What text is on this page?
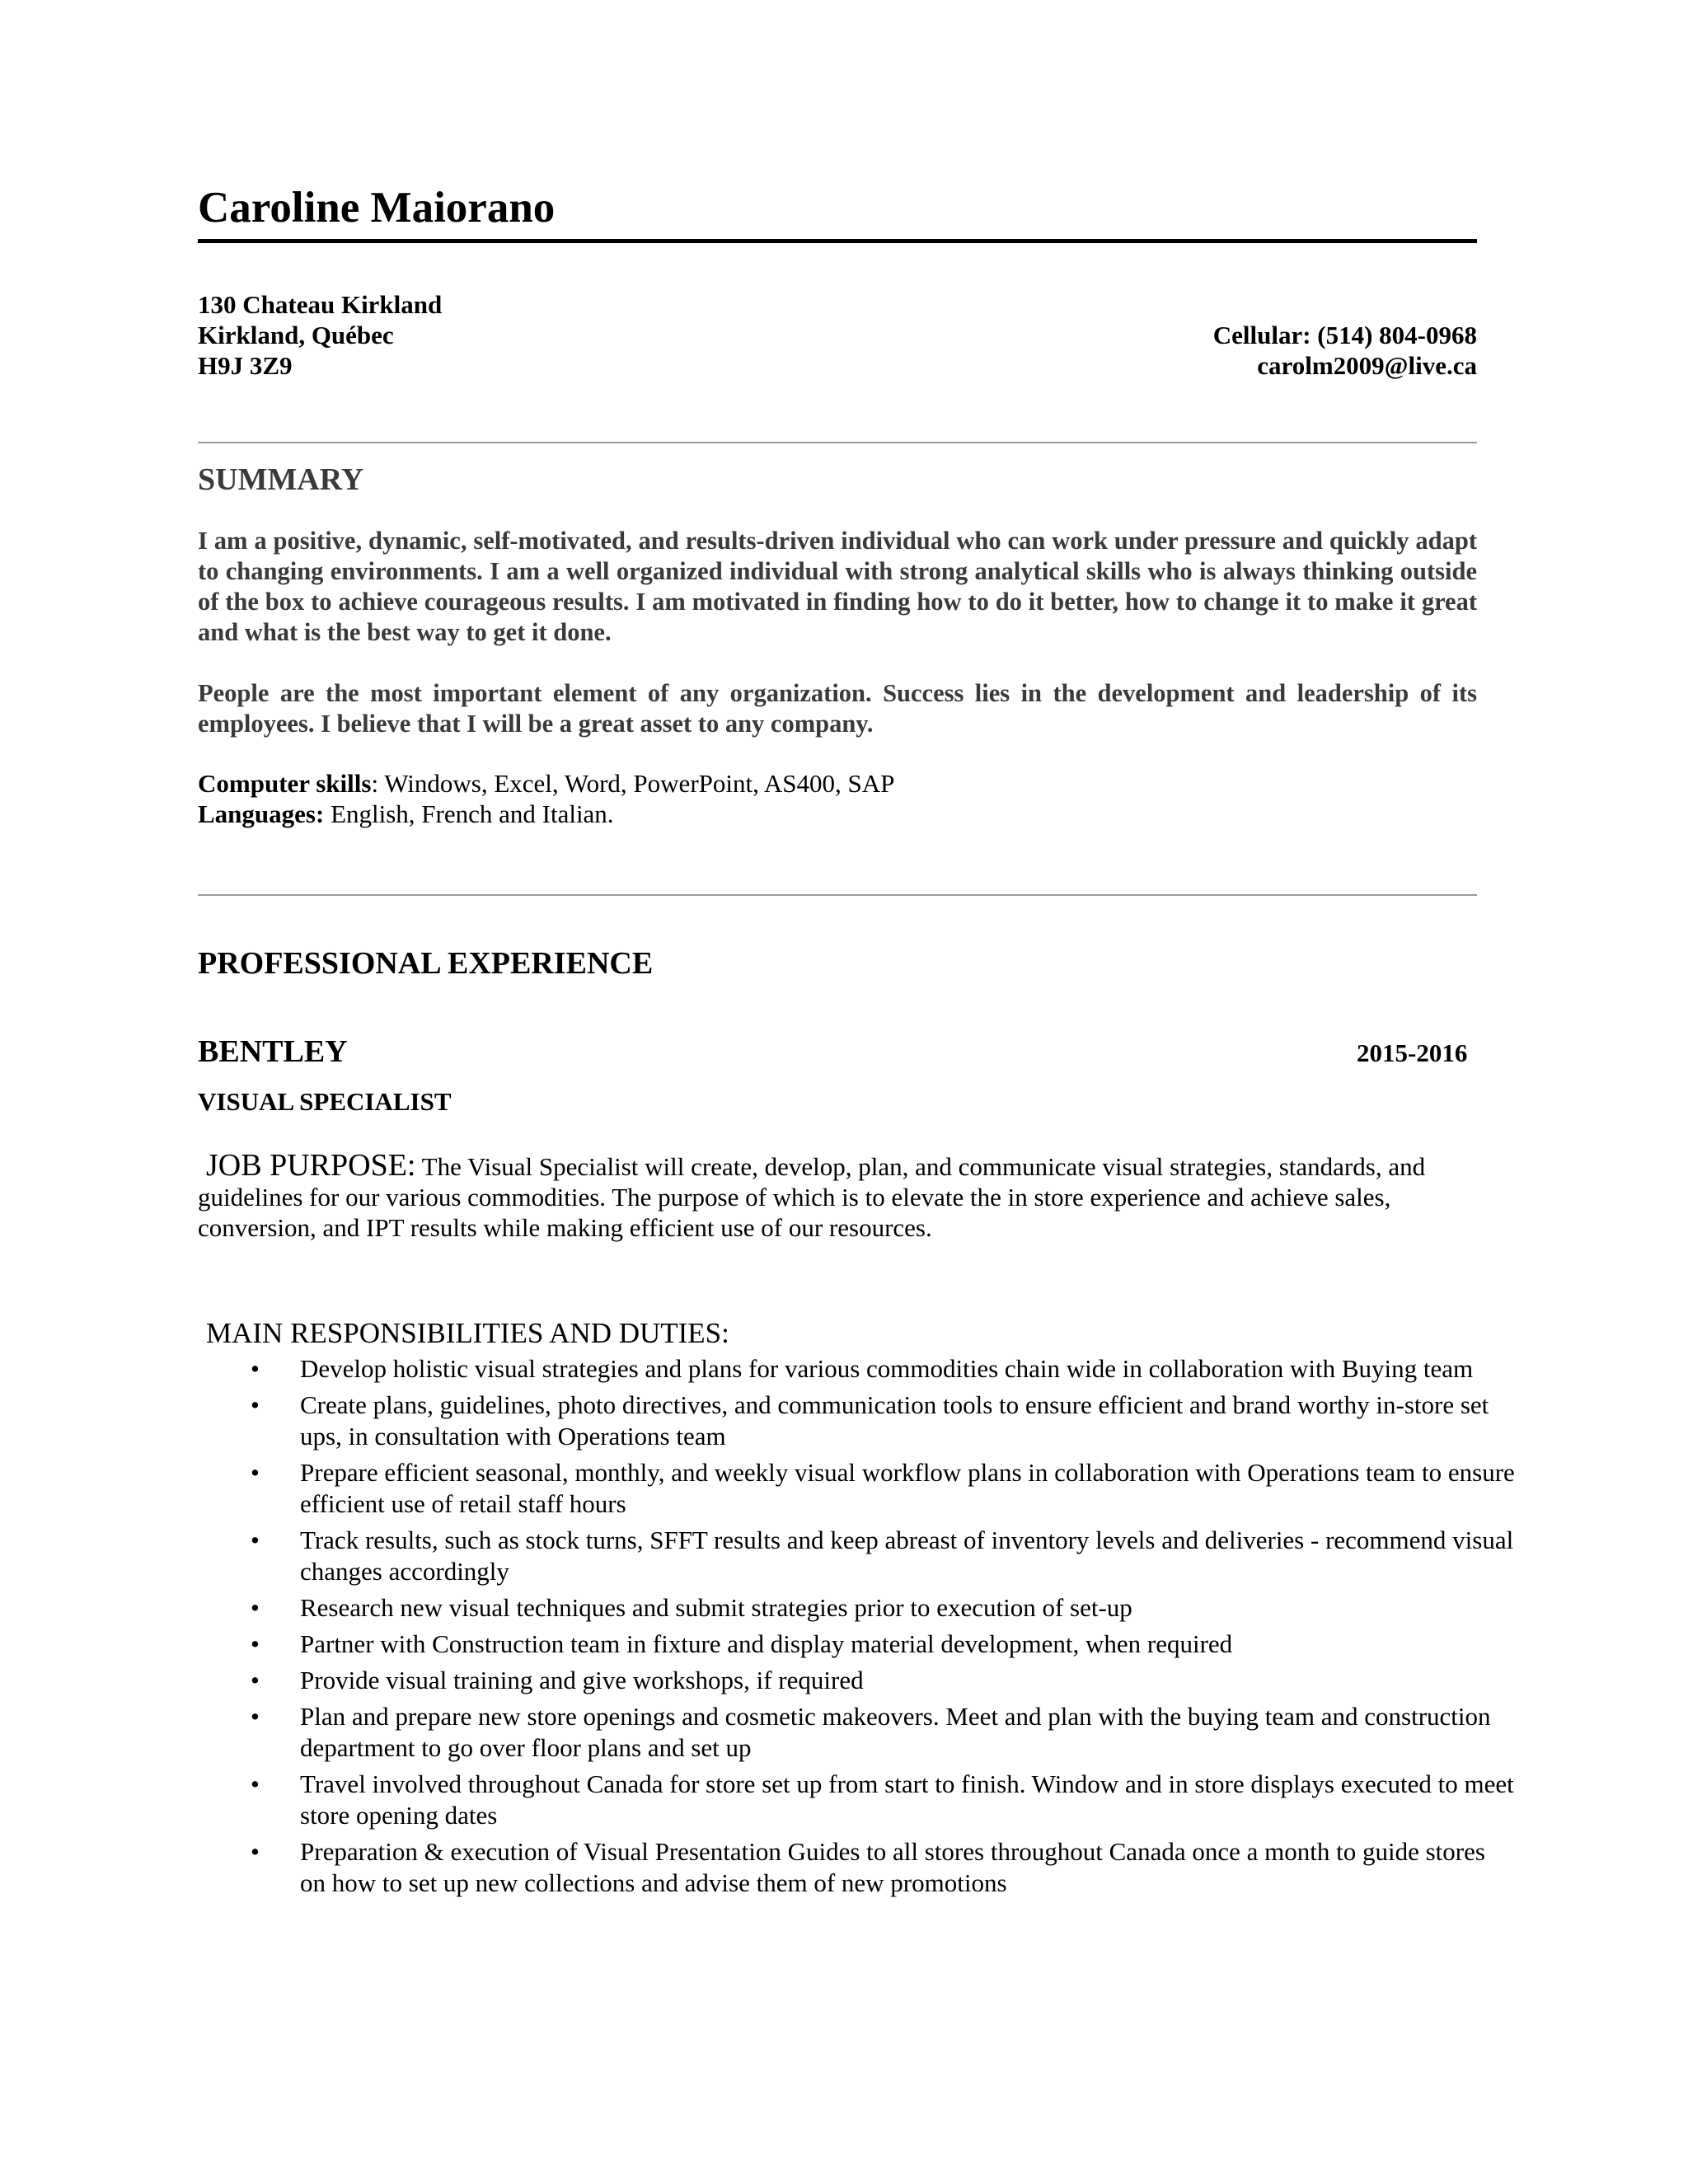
Caroline Maiorano
130 Chateau Kirkland
Kirkland, Québec
H9J 3Z9
Cellular: (514) 804-0968
carolm2009@live.ca
SUMMARY

I am a positive, dynamic, self-motivated, and results-driven individual who can work under pressure and quickly adapt to changing environments. I am a well organized individual with strong analytical skills who is always thinking outside of the box to achieve courageous results. I am motivated in finding how to do it better, how to change it to make it great and what is the best way to get it done.

People are the most important element of any organization. Success lies in the development and leadership of its employees. I believe that I will be a great asset to any company.

Computer skills: Windows, Excel, Word, PowerPoint, AS400, SAP
Languages: English, French and Italian.
PROFESSIONAL EXPERIENCE
BENTLEY	2015-2016
VISUAL SPECIALIST

JOB PURPOSE: The Visual Specialist will create, develop, plan, and communicate visual strategies, standards, and guidelines for our various commodities. The purpose of which is to elevate the in store experience and achieve sales, conversion, and IPT results while making efficient use of our resources.

MAIN RESPONSIBILITIES AND DUTIES:
• Develop holistic visual strategies and plans for various commodities chain wide in collaboration with Buying team
• Create plans, guidelines, photo directives, and communication tools to ensure efficient and brand worthy in-store set ups, in consultation with Operations team
• Prepare efficient seasonal, monthly, and weekly visual workflow plans in collaboration with Operations team to ensure efficient use of retail staff hours
• Track results, such as stock turns, SFFT results and keep abreast of inventory levels and deliveries - recommend visual changes accordingly
• Research new visual techniques and submit strategies prior to execution of set-up
• Partner with Construction team in fixture and display material development, when required
• Provide visual training and give workshops, if required
• Plan and prepare new store openings and cosmetic makeovers. Meet and plan with the buying team and construction department to go over floor plans and set up
• Travel involved throughout Canada for store set up from start to finish. Window and in store displays executed to meet store opening dates
• Preparation & execution of Visual Presentation Guides to all stores throughout Canada once a month to guide stores on how to set up new collections and advise them of new promotions
